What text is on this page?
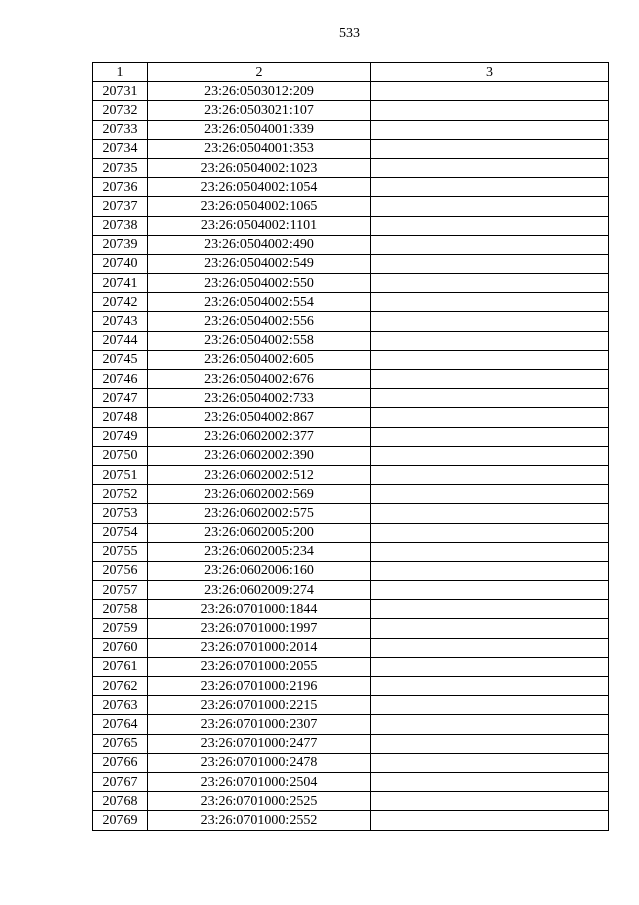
533
1	2	3
20731	23:26:0503012:209	
20732	23:26:0503021:107	
20733	23:26:0504001:339	
20734	23:26:0504001:353	
20735	23:26:0504002:1023	
20736	23:26:0504002:1054	
20737	23:26:0504002:1065	
20738	23:26:0504002:1101	
20739	23:26:0504002:490	
20740	23:26:0504002:549	
20741	23:26:0504002:550	
20742	23:26:0504002:554	
20743	23:26:0504002:556	
20744	23:26:0504002:558	
20745	23:26:0504002:605	
20746	23:26:0504002:676	
20747	23:26:0504002:733	
20748	23:26:0504002:867	
20749	23:26:0602002:377	
20750	23:26:0602002:390	
20751	23:26:0602002:512	
20752	23:26:0602002:569	
20753	23:26:0602002:575	
20754	23:26:0602005:200	
20755	23:26:0602005:234	
20756	23:26:0602006:160	
20757	23:26:0602009:274	
20758	23:26:0701000:1844	
20759	23:26:0701000:1997	
20760	23:26:0701000:2014	
20761	23:26:0701000:2055	
20762	23:26:0701000:2196	
20763	23:26:0701000:2215	
20764	23:26:0701000:2307	
20765	23:26:0701000:2477	
20766	23:26:0701000:2478	
20767	23:26:0701000:2504	
20768	23:26:0701000:2525	
20769	23:26:0701000:2552	
